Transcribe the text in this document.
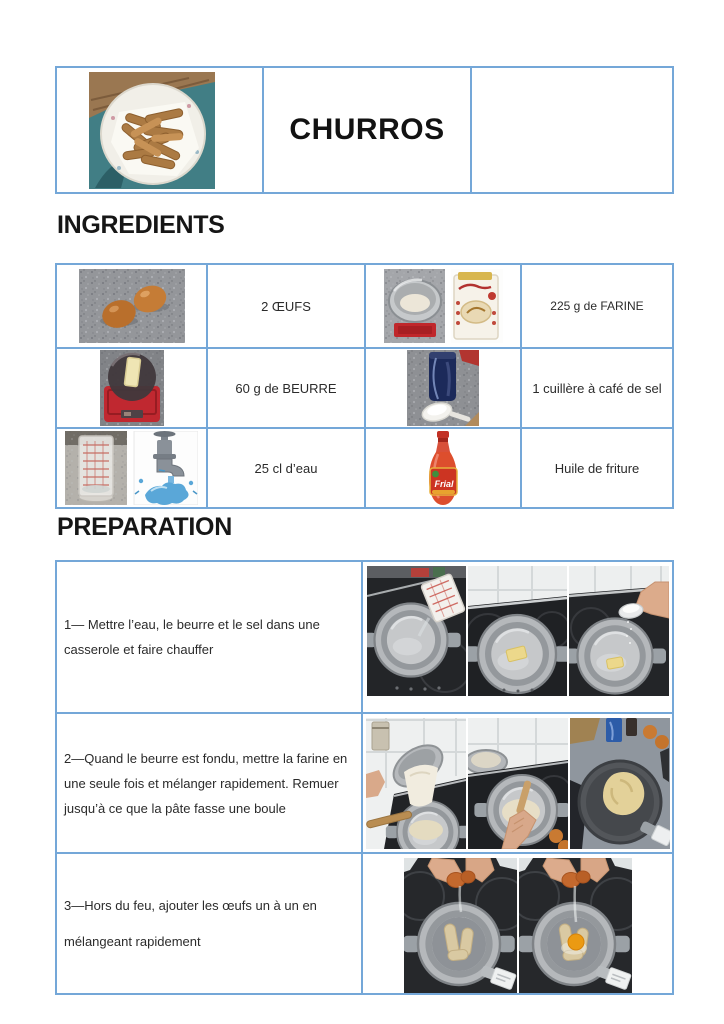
CHURROS
INGREDIENTS
2 ŒUFS	225 g de FARINE
60 g de BEURRE	1 cuillère à café de sel
25 cl d’eau
Frial
Huile de friture
PREPARATION
1— Mettre l’eau, le beurre et le sel dans une casserole et faire chauffer
2—Quand le beurre est fondu, mettre la farine en une seule fois et mélanger rapidement. Remuer jusqu’à ce que la pâte fasse une boule
3—Hors du feu, ajouter les œufs un à un en mélangeant rapidement
